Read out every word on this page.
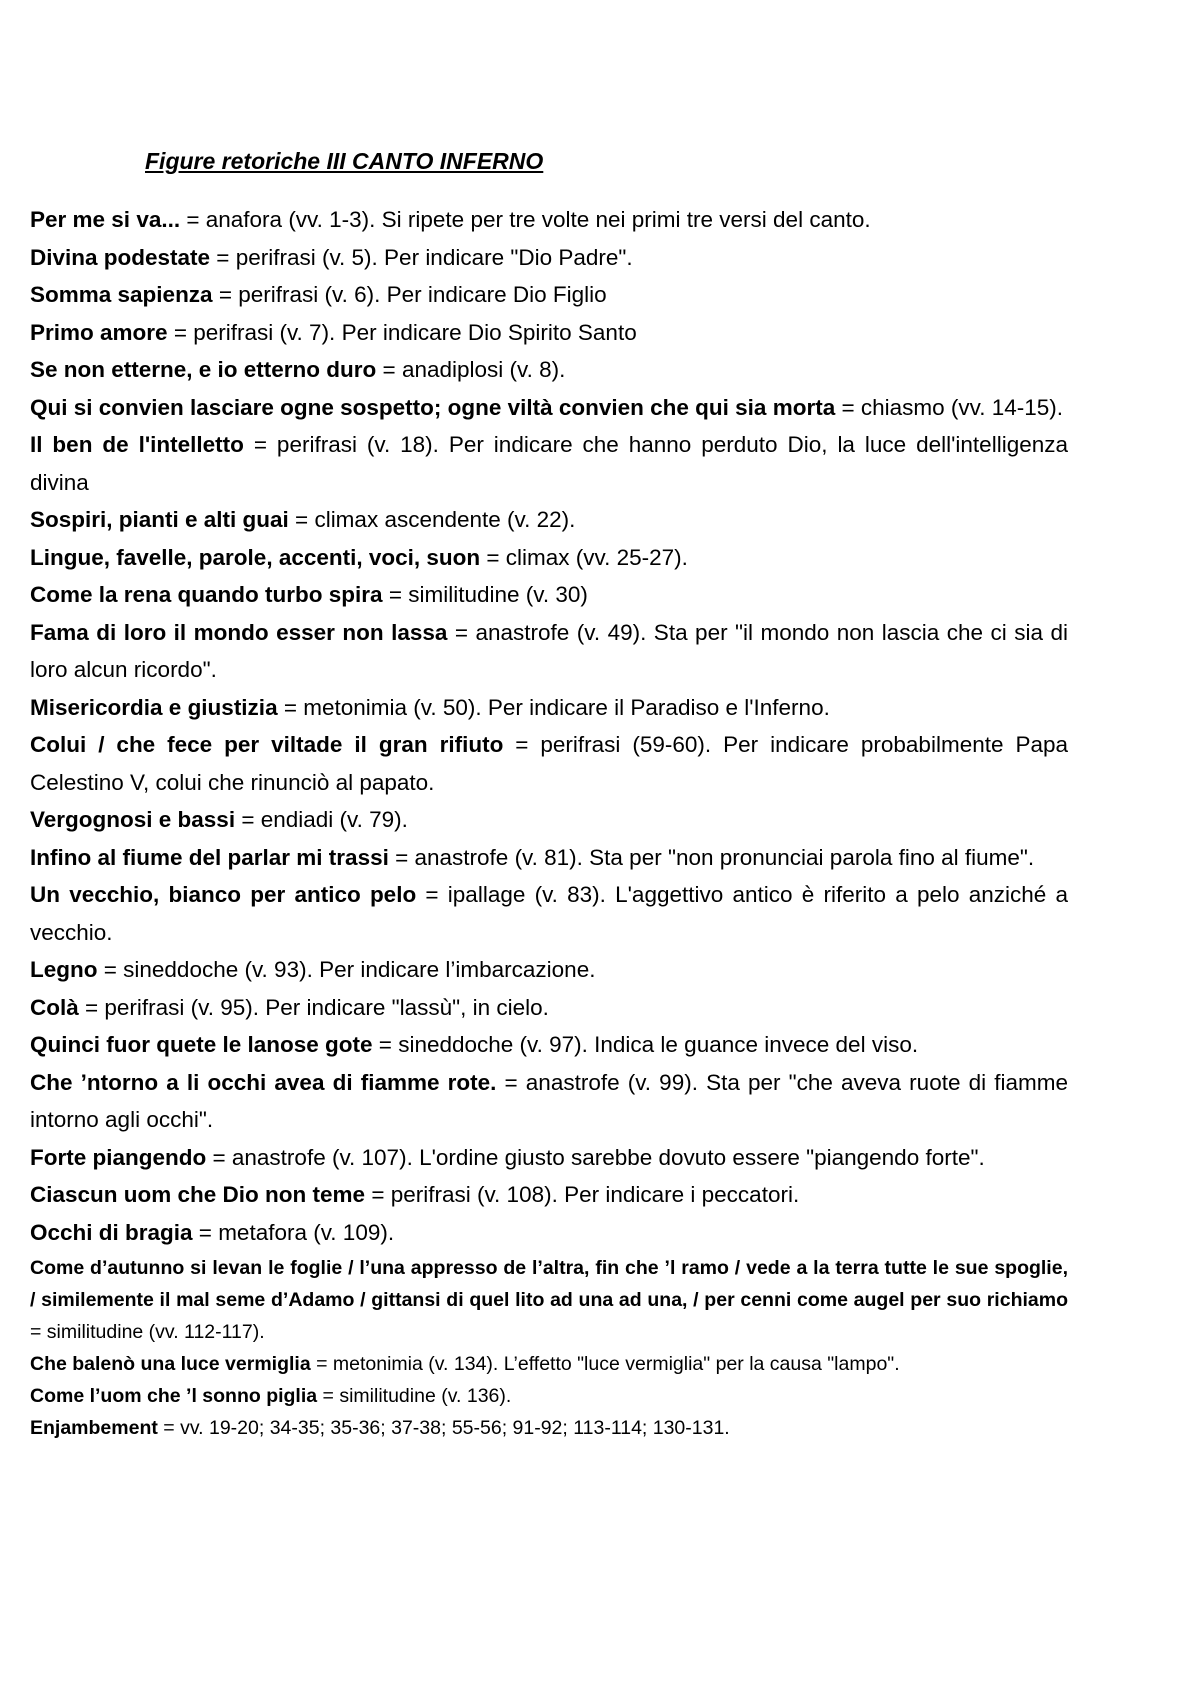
Figure retoriche III CANTO INFERNO
Per me si va... = anafora (vv. 1-3). Si ripete per tre volte nei primi tre versi del canto.
Divina podestate = perifrasi (v. 5). Per indicare "Dio Padre".
Somma sapienza = perifrasi (v. 6). Per indicare Dio Figlio
Primo amore = perifrasi (v. 7). Per indicare Dio Spirito Santo
Se non etterne, e io etterno duro = anadiplosi (v. 8).
Qui si convien lasciare ogne sospetto; ogne viltà convien che qui sia morta = chiasmo (vv. 14-15).
Il ben de l'intelletto = perifrasi (v. 18). Per indicare che hanno perduto Dio, la luce dell'intelligenza divina
Sospiri, pianti e alti guai = climax ascendente (v. 22).
Lingue, favelle, parole, accenti, voci, suon = climax (vv. 25-27).
Come la rena quando turbo spira = similitudine (v. 30)
Fama di loro il mondo esser non lassa = anastrofe (v. 49). Sta per "il mondo non lascia che ci sia di loro alcun ricordo".
Misericordia e giustizia = metonimia (v. 50). Per indicare il Paradiso e l'Inferno.
Colui / che fece per viltade il gran rifiuto = perifrasi (59-60). Per indicare probabilmente Papa Celestino V, colui che rinunciò al papato.
Vergognosi e bassi = endiadi (v. 79).
Infino al fiume del parlar mi trassi = anastrofe (v. 81). Sta per "non pronunciai parola fino al fiume".
Un vecchio, bianco per antico pelo = ipallage (v. 83). L'aggettivo antico è riferito a pelo anziché a vecchio.
Legno = sineddoche (v. 93). Per indicare l’imbarcazione.
Colà = perifrasi (v. 95). Per indicare "lassù", in cielo.
Quinci fuor quete le lanose gote = sineddoche (v. 97). Indica le guance invece del viso.
Che ’ntorno a li occhi avea di fiamme rote. = anastrofe (v. 99). Sta per "che aveva ruote di fiamme intorno agli occhi".
Forte piangendo = anastrofe (v. 107). L'ordine giusto sarebbe dovuto essere "piangendo forte".
Ciascun uom che Dio non teme = perifrasi (v. 108). Per indicare i peccatori.
Occhi di bragia = metafora (v. 109).
Come d’autunno si levan le foglie / l’una appresso de l’altra, fin che ’l ramo / vede a la terra tutte le sue spoglie, / similemente il mal seme d’Adamo / gittansi di quel lito ad una ad una, / per cenni come augel per suo richiamo = similitudine (vv. 112-117).
Che balenò una luce vermiglia = metonimia (v. 134). L’effetto "luce vermiglia" per la causa "lampo".
Come l’uom che ’l sonno piglia = similitudine (v. 136).
Enjambement = vv. 19-20; 34-35; 35-36; 37-38; 55-56; 91-92; 113-114; 130-131.
